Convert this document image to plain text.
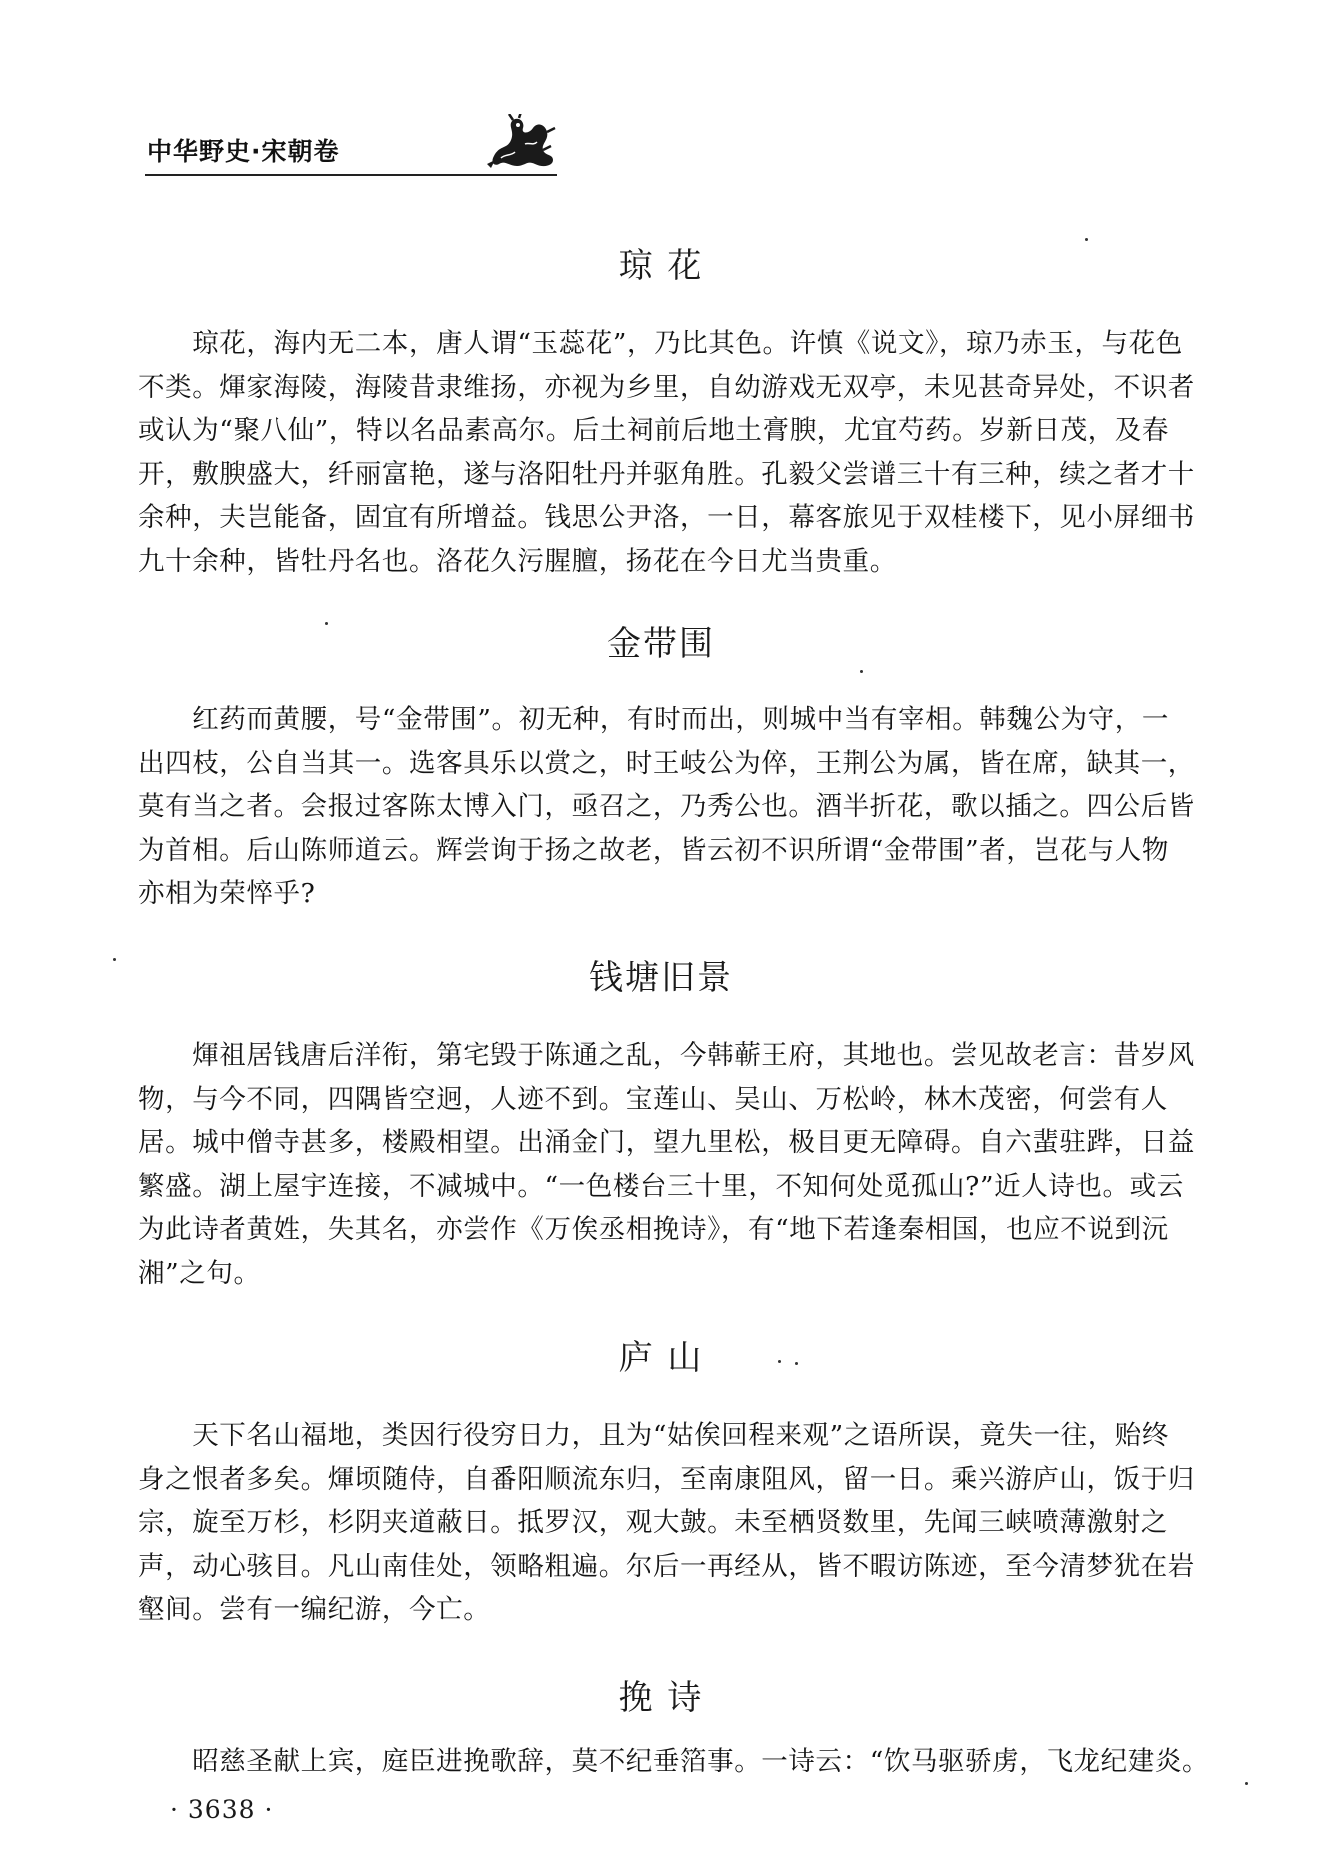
中华野史·宋朝卷
琼 花
　　琼花，海内无二本，唐人谓“玉蕊花”，乃比其色。许慎《说文》，琼乃赤玉，与花色
不类。煇家海陵，海陵昔隶维扬，亦视为乡里，自幼游戏无双亭，未见甚奇异处，不识者
或认为“聚八仙”，特以名品素高尔。后土祠前后地土膏腴，尤宜芍药。岁新日茂，及春
开，敷腴盛大，纤丽富艳，遂与洛阳牡丹并驱角胜。孔毅父尝谱三十有三种，续之者才十
余种，夫岂能备，固宜有所增益。钱思公尹洛，一日，幕客旅见于双桂楼下，见小屏细书
九十余种，皆牡丹名也。洛花久污腥膻，扬花在今日尤当贵重。
金带围
　　红药而黄腰，号“金带围”。初无种，有时而出，则城中当有宰相。韩魏公为守，一
出四枝，公自当其一。选客具乐以赏之，时王岐公为倅，王荆公为属，皆在席，缺其一，
莫有当之者。会报过客陈太博入门，亟召之，乃秀公也。酒半折花，歌以插之。四公后皆
为首相。后山陈师道云。辉尝询于扬之故老，皆云初不识所谓“金带围”者，岂花与人物
亦相为荣悴乎?
钱塘旧景
　　煇祖居钱唐后洋衔，第宅毁于陈通之乱，今韩蕲王府，其地也。尝见故老言：昔岁风
物，与今不同，四隅皆空迥，人迹不到。宝莲山、吴山、万松岭，林木茂密，何尝有人
居。城中僧寺甚多，楼殿相望。出涌金门，望九里松，极目更无障碍。自六蜚驻跸，日益
繁盛。湖上屋宇连接，不减城中。“一色楼台三十里，不知何处觅孤山?”近人诗也。或云
为此诗者黄姓，失其名，亦尝作《万俟丞相挽诗》，有“地下若逢秦相国，也应不说到沅
湘”之句。
庐 山
　　天下名山福地，类因行役穷日力，且为“姑俟回程来观”之语所误，竟失一往，贻终
身之恨者多矣。煇顷随侍，自番阳顺流东归，至南康阻风，留一日。乘兴游庐山，饭于归
宗，旋至万杉，杉阴夹道蔽日。抵罗汉，观大皷。未至栖贤数里，先闻三峡喷薄激射之
声，动心骇目。凡山南佳处，领略粗遍。尔后一再经从，皆不暇访陈迹，至今清梦犹在岩
壑间。尝有一编纪游，今亡。
挽 诗
　　昭慈圣献上宾，庭臣进挽歌辞，莫不纪垂箔事。一诗云：“饮马驱骄虏，飞龙纪建炎。
· 3638 ·
